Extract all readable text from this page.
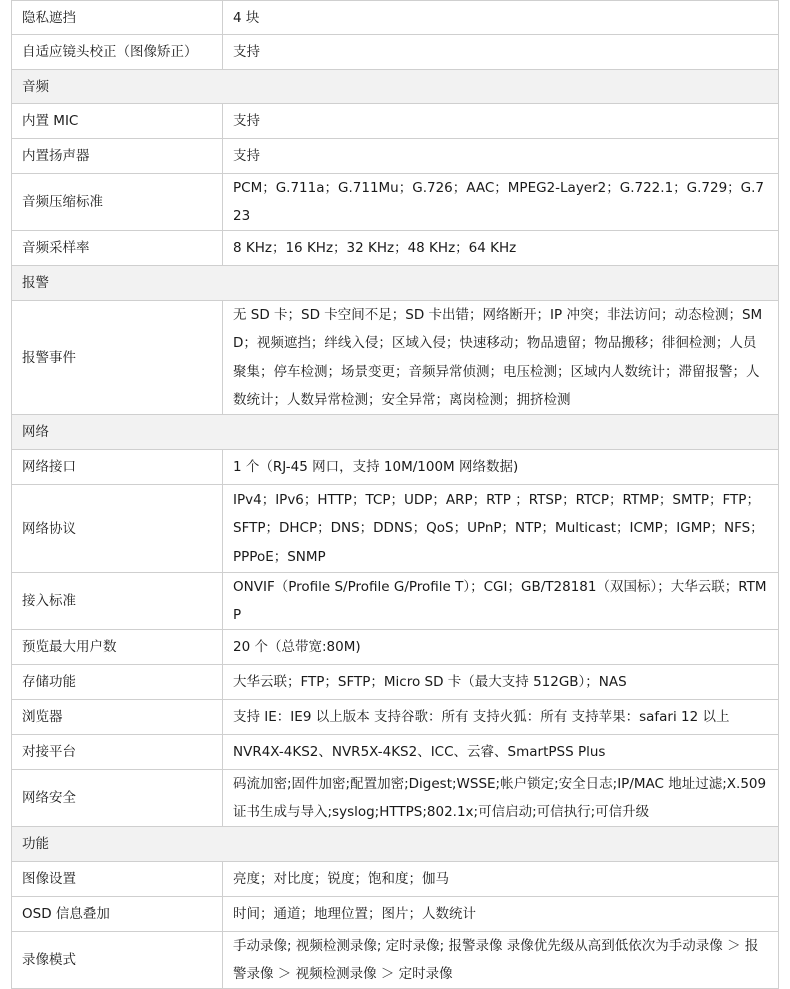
隐私遮挡	4 块
自适应镜头校正（图像矫正）	支持
音频	
内置 MIC	支持
内置扬声器	支持
音频压缩标准	PCM；G.711a；G.711Mu；G.726；AAC；MPEG2-Layer2；G.722.1；G.729；G.723
音频采样率	8 KHz；16 KHz；32 KHz；48 KHz；64 KHz
报警	
报警事件	无 SD 卡；SD 卡空间不足；SD 卡出错；网络断开；IP 冲突；非法访问；动态检测；SMD；视频遮挡；绊线入侵；区域入侵；快速移动；物品遗留；物品搬移；徘徊检测；人员聚集；停车检测；场景变更；音频异常侦测；电压检测；区域内人数统计；滞留报警；人数统计；人数异常检测；安全异常；离岗检测；拥挤检测
网络	
网络接口	1 个（RJ-45 网口，支持 10M/100M 网络数据)
网络协议	IPv4；IPv6；HTTP；TCP；UDP；ARP；RTP ；RTSP；RTCP；RTMP；SMTP；FTP；SFTP；DHCP；DNS；DDNS；QoS；UPnP；NTP；Multicast；ICMP；IGMP；NFS；PPPoE；SNMP
接入标准	ONVIF（Profile S/Profile G/Profile T）；CGI；GB/T28181（双国标）；大华云联；RTMP
预览最大用户数	20 个（总带宽:80M)
存储功能	大华云联；FTP；SFTP；Micro SD 卡（最大支持 512GB）；NAS
浏览器	支持 IE：IE9 以上版本 支持谷歌：所有 支持火狐：所有 支持苹果：safari 12 以上
对接平台	NVR4X-4KS2、NVR5X-4KS2、ICC、云睿、SmartPSS Plus
网络安全	码流加密;固件加密;配置加密;Digest;WSSE;帐户锁定;安全日志;IP/MAC 地址过滤;X.509 证书生成与导入;syslog;HTTPS;802.1x;可信启动;可信执行;可信升级
功能	
图像设置	亮度；对比度；锐度；饱和度；伽马
OSD 信息叠加	时间；通道；地理位置；图片；人数统计
录像模式	手动录像; 视频检测录像; 定时录像; 报警录像 录像优先级从高到低依次为手动录像 ＞ 报警录像 ＞ 视频检测录像 ＞ 定时录像
